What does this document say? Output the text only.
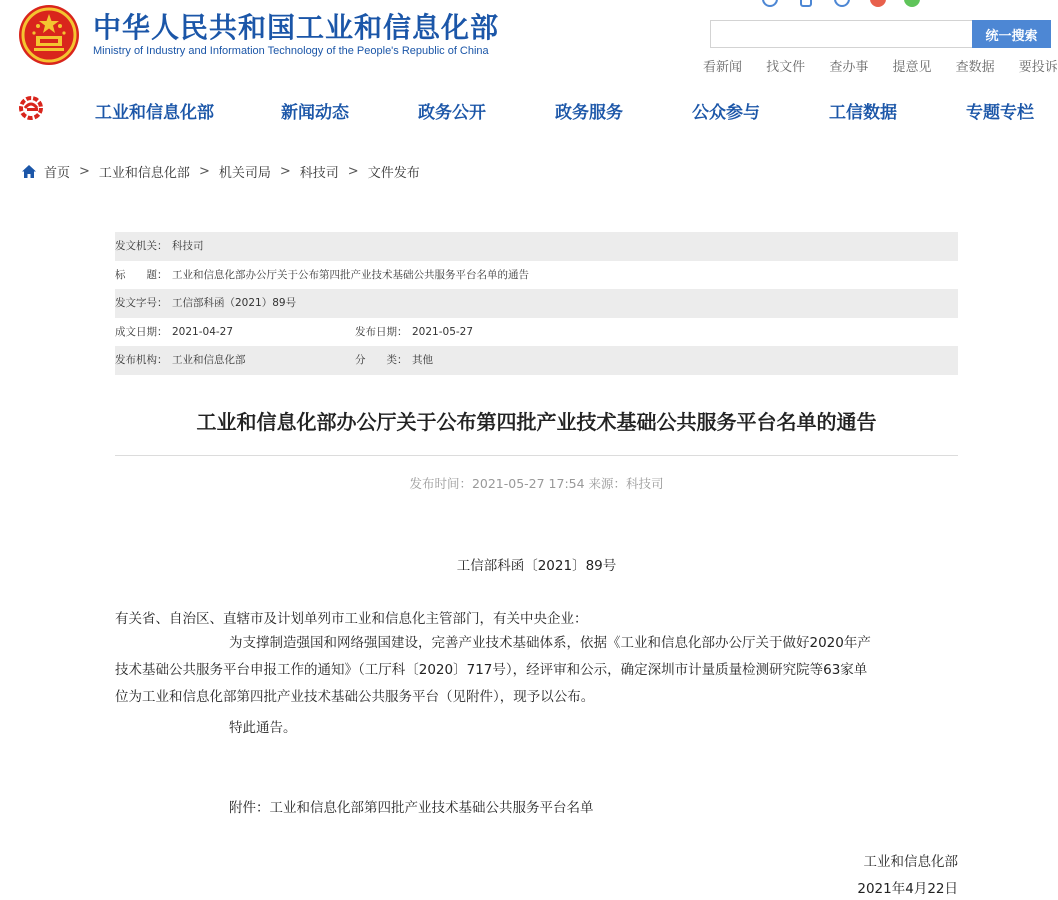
中华人民共和国工业和信息化部
Ministry of Industry and Information Technology of the People's Republic of China
统一搜索
看新闻 找文件 查办事 提意见 查数据 要投诉
工业和信息化部	新闻动态	政务公开	政务服务	公众参与	工信数据	专题专栏
首页 > 工业和信息化部 > 机关司局 > 科技司 > 文件发布
发文机关： 科技司
标　　题： 工业和信息化部办公厅关于公布第四批产业技术基础公共服务平台名单的通告
发文字号： 工信部科函（2021）89号
成文日期： 2021-04-27	发布日期： 2021-05-27
发布机构： 工业和信息化部	分　　类： 其他
工业和信息化部办公厅关于公布第四批产业技术基础公共服务平台名单的通告
发布时间：2021-05-27 17:54 来源：科技司
工信部科函〔2021〕89号
有关省、自治区、直辖市及计划单列市工业和信息化主管部门，有关中央企业：
为支撑制造强国和网络强国建设，完善产业技术基础体系，依据《工业和信息化部办公厅关于做好2020年产
技术基础公共服务平台申报工作的通知》（工厅科〔2020〕717号），经评审和公示，确定深圳市计量质量检测研究院等63家单
位为工业和信息化部第四批产业技术基础公共服务平台（见附件），现予以公布。
特此通告。
附件：工业和信息化部第四批产业技术基础公共服务平台名单
工业和信息化部
2021年4月22日
